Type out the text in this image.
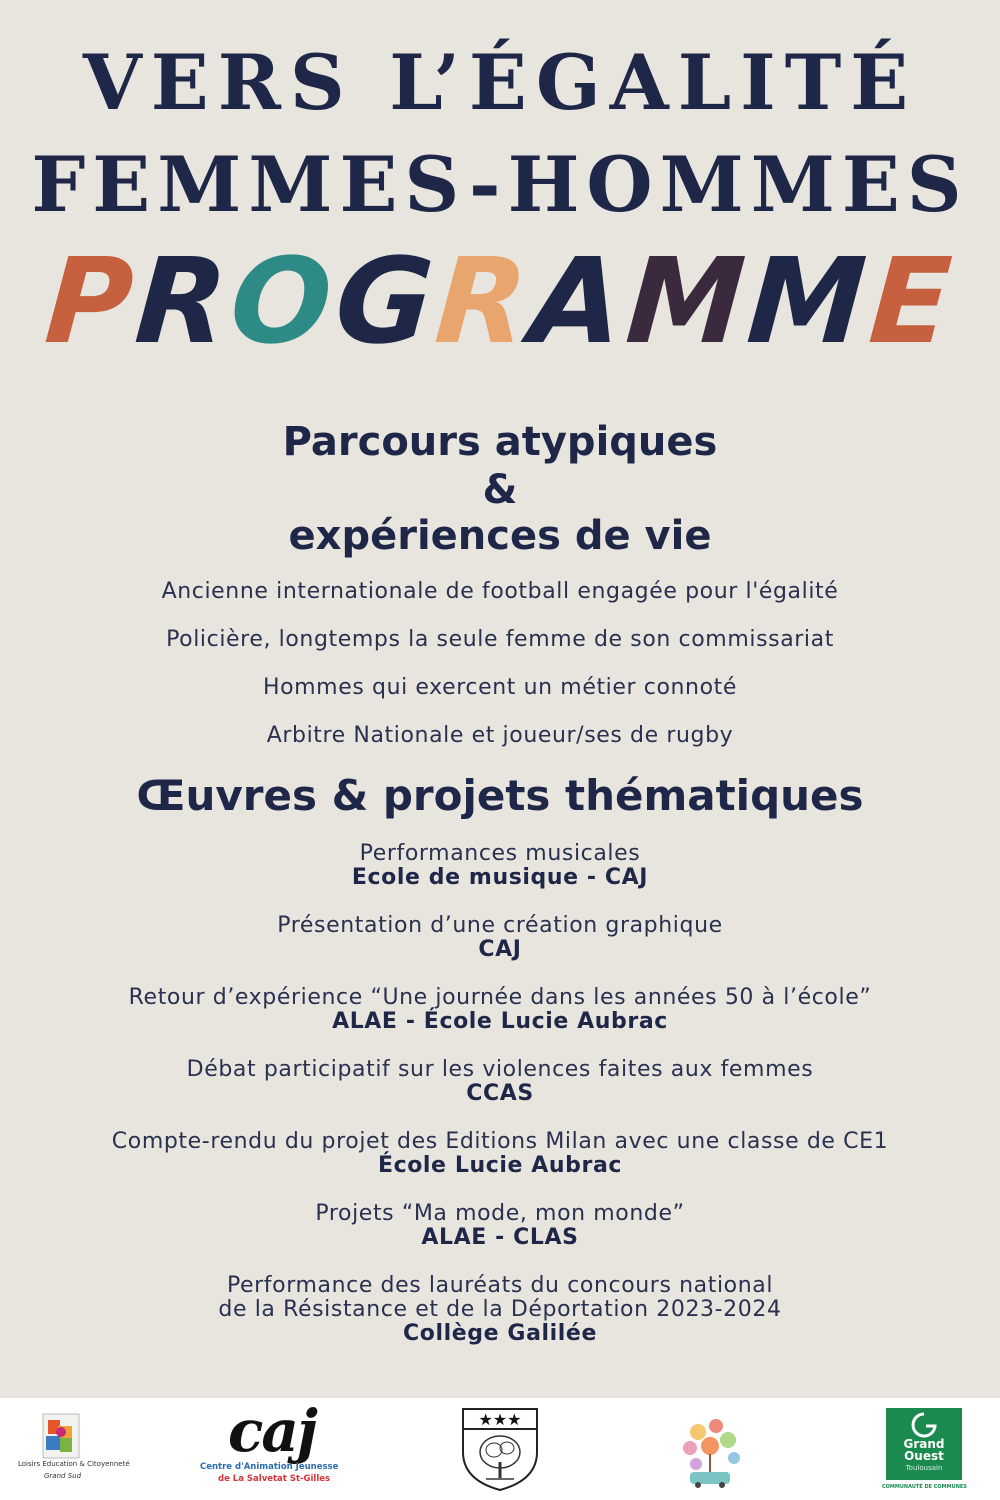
VERS L’ÉGALITÉ
FEMMES-HOMMES
PROGRAMME
Parcours atypiques
&
expériences de vie
Ancienne internationale de football engagée pour l'égalité
Policière, longtemps la seule femme de son commissariat
Hommes qui exercent un métier connoté
Arbitre Nationale et joueur/ses de rugby
Œuvres & projets thématiques
Performances musicales
Ecole de musique - CAJ
Présentation d’une création graphique
CAJ
Retour d’expérience “Une journée dans les années 50 à l’école”
ALAE - École Lucie Aubrac
Débat participatif sur les violences faites aux femmes
CCAS
Compte-rendu du projet des Editions Milan avec une classe de CE1
École Lucie Aubrac
Projets “Ma mode, mon monde”
ALAE - CLAS
Performance des lauréats du concours national
de la Résistance et de la Déportation 2023-2024
Collège Galilée
Loisirs Education & Citoyenneté
Grand Sud
caj
Centre d'Animation Jeunesse
de La Salvetat St-Gilles
★★★
Grand
Ouest
Toulousain
COMMUNAUTÉ DE COMMUNES
